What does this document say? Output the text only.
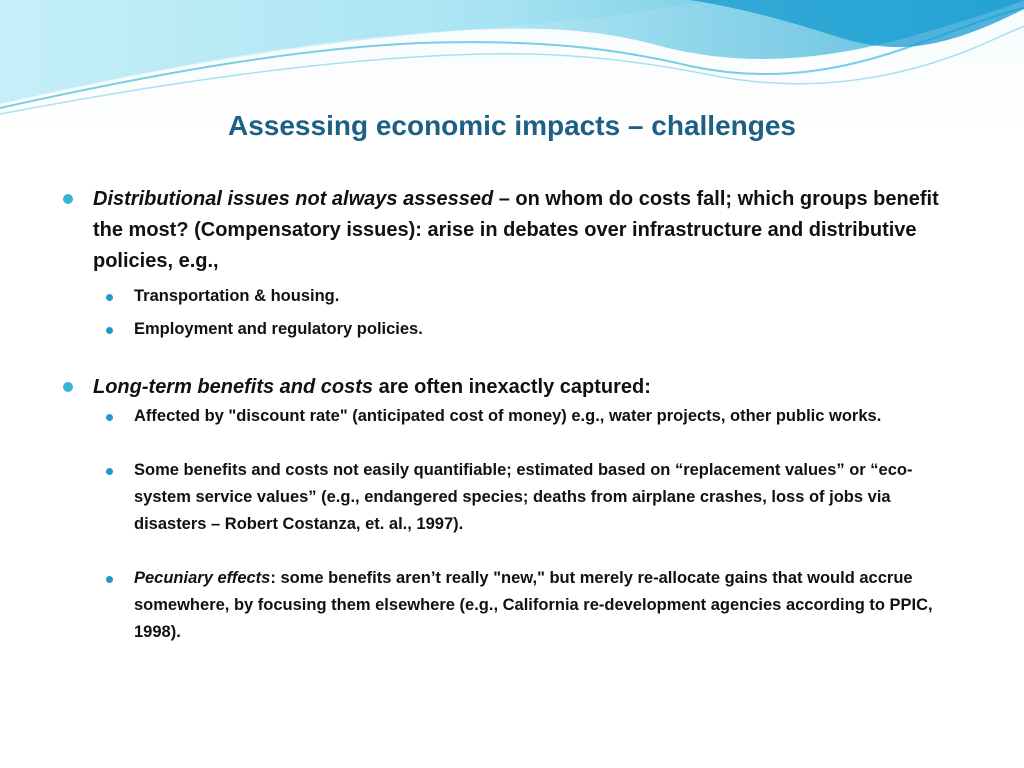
Assessing economic impacts – challenges
Distributional issues not always assessed – on whom do costs fall; which groups benefit the most? (Compensatory issues): arise in debates over infrastructure and distributive policies, e.g.,
Transportation & housing.
Employment and regulatory policies.
Long-term benefits and costs are often inexactly captured:
Affected by "discount rate" (anticipated cost of money) e.g., water projects, other public works.
Some benefits and costs not easily quantifiable; estimated based on “replacement values” or “eco-system service values” (e.g., endangered species; deaths from airplane crashes, loss of jobs via disasters – Robert Costanza, et. al., 1997).
Pecuniary effects: some benefits aren’t really "new," but merely re-allocate gains that would accrue somewhere, by focusing them elsewhere (e.g., California re-development agencies according to PPIC, 1998).
